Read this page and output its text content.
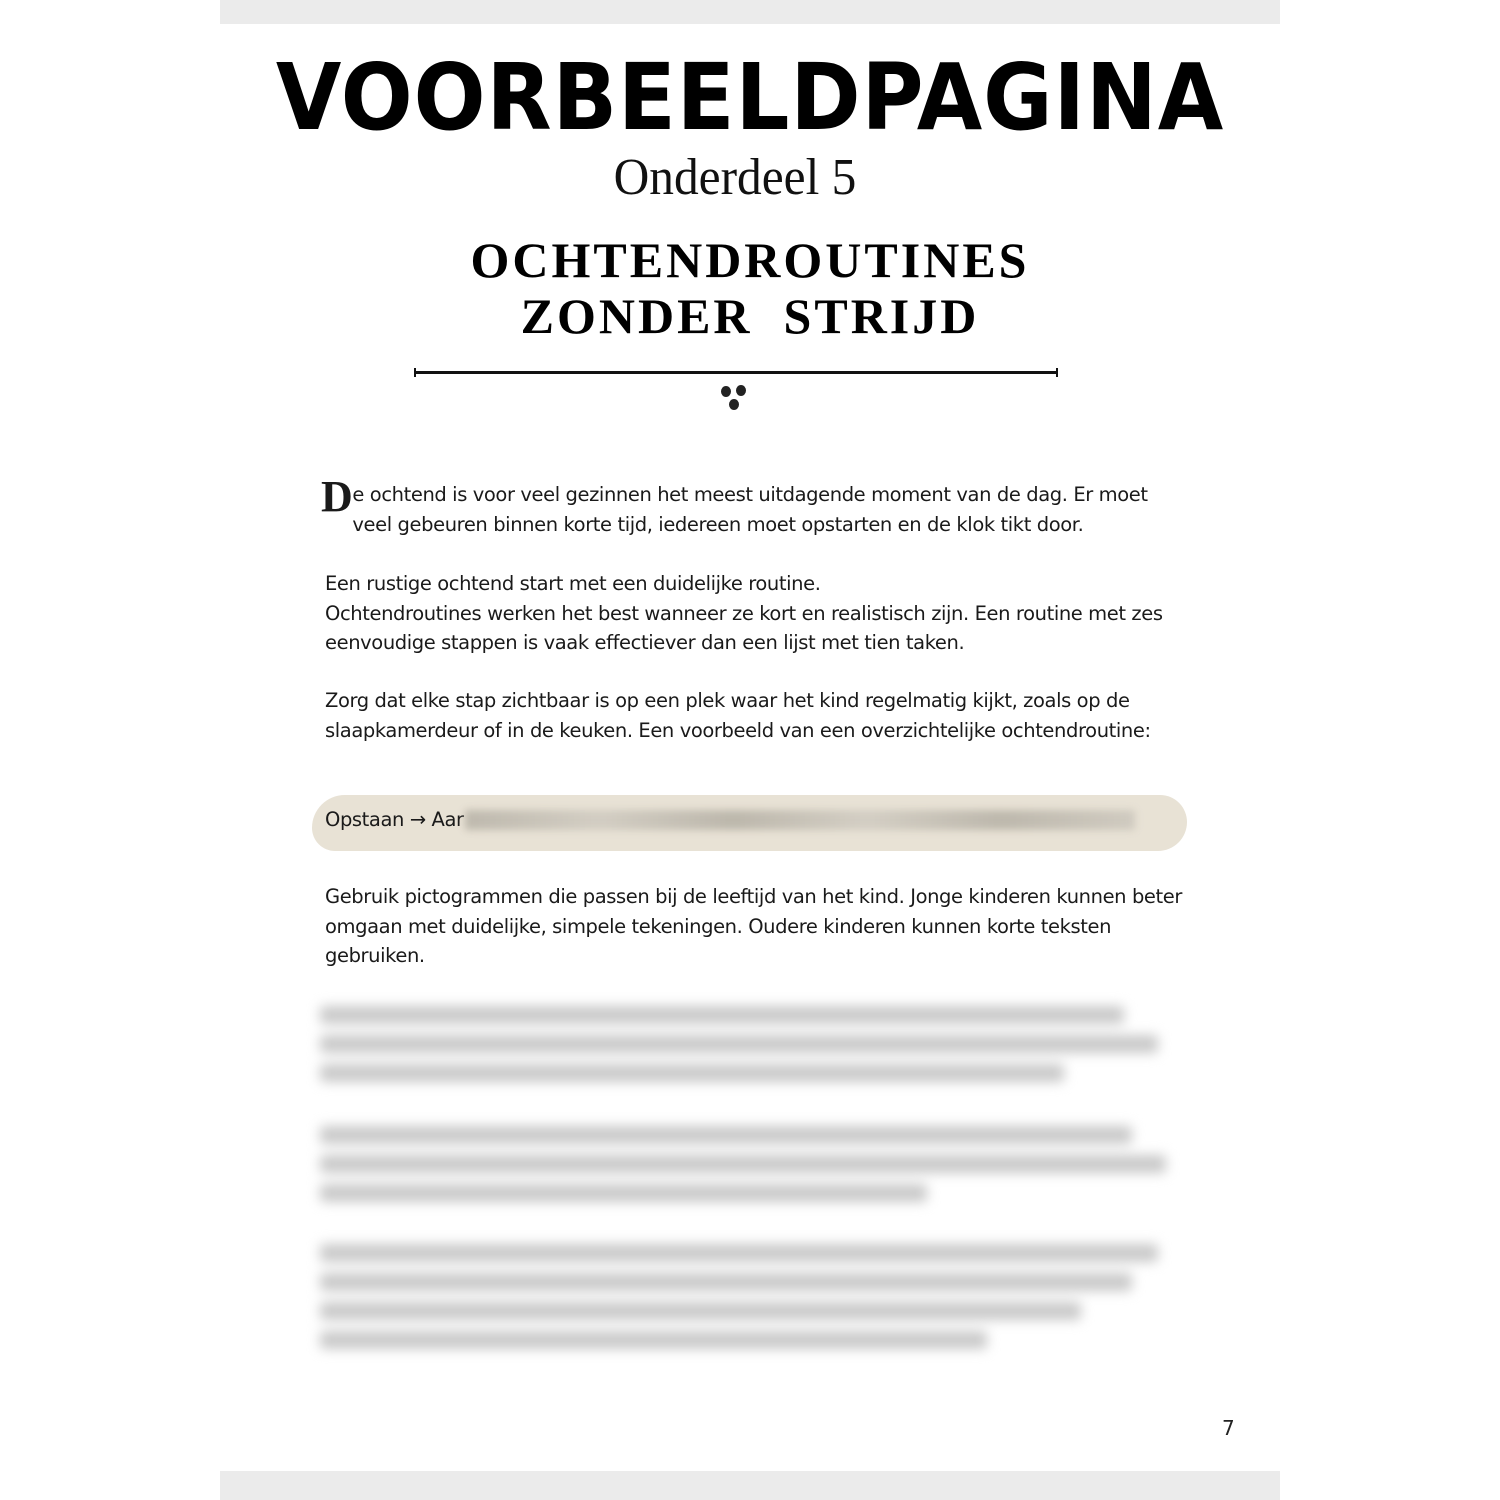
VOORBEELDPAGINA
Onderdeel 5
OCHTENDROUTINES
ZONDER  STRIJD
De ochtend is voor veel gezinnen het meest uitdagende moment van de dag. Er moet veel gebeuren binnen korte tijd, iedereen moet opstarten en de klok tikt door.
Een rustige ochtend start met een duidelijke routine.
Ochtendroutines werken het best wanneer ze kort en realistisch zijn. Een routine met zes eenvoudige stappen is vaak effectiever dan een lijst met tien taken.
Zorg dat elke stap zichtbaar is op een plek waar het kind regelmatig kijkt, zoals op de slaapkamerdeur of in de keuken. Een voorbeeld van een overzichtelijke ochtendroutine:
Opstaan → Aar
Gebruik pictogrammen die passen bij de leeftijd van het kind. Jonge kinderen kunnen beter omgaan met duidelijke, simpele tekeningen. Oudere kinderen kunnen korte teksten gebruiken.
7
